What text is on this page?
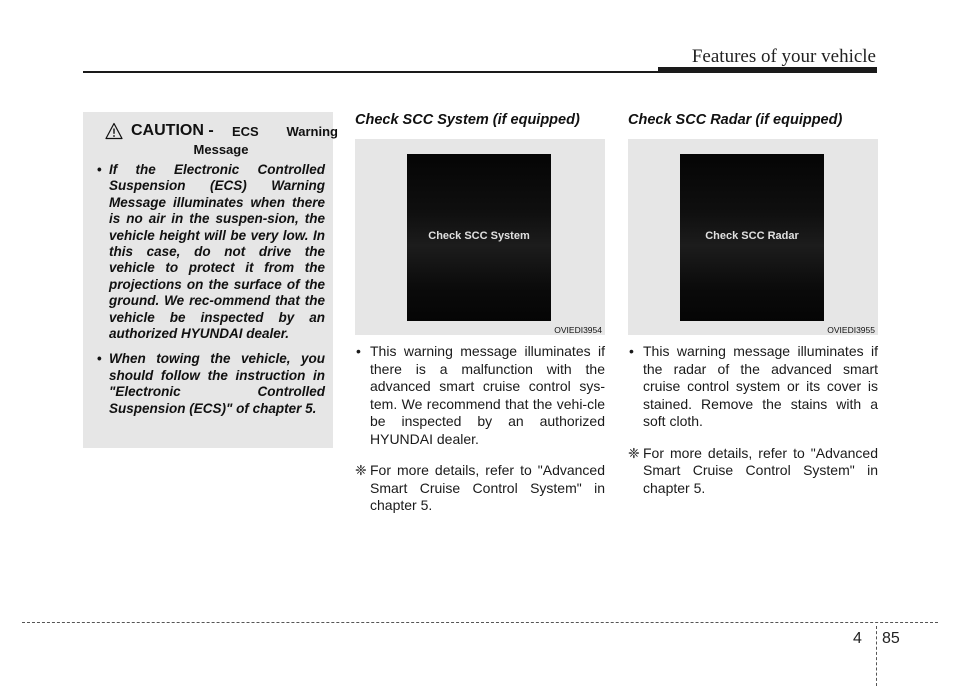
Features of your vehicle
CAUTION - ECS Warning
Message
• If the Electronic Controlled Suspension (ECS) Warning Message illuminates when there is no air in the suspen-sion, the vehicle height will be very low. In this case, do not drive the vehicle to protect it from the projections on the surface of the ground. We rec-ommend that the vehicle be inspected by an authorized HYUNDAI dealer.
• When towing the vehicle, you should follow the instruction in "Electronic Controlled Suspension (ECS)" of chapter 5.
Check SCC System (if equipped)
Check SCC System
OVIEDI3954
• This warning message illuminates if there is a malfunction with the advanced smart cruise control sys-tem. We recommend that the vehi-cle be inspected by an authorized HYUNDAI dealer.
❈ For more details, refer to "Advanced Smart Cruise Control System" in chapter 5.
Check SCC Radar (if equipped)
Check SCC Radar
OVIEDI3955
• This warning message illuminates if the radar of the advanced smart cruise control system or its cover is stained. Remove the stains with a soft cloth.
❈ For more details, refer to "Advanced Smart Cruise Control System" in chapter 5.
4 85
